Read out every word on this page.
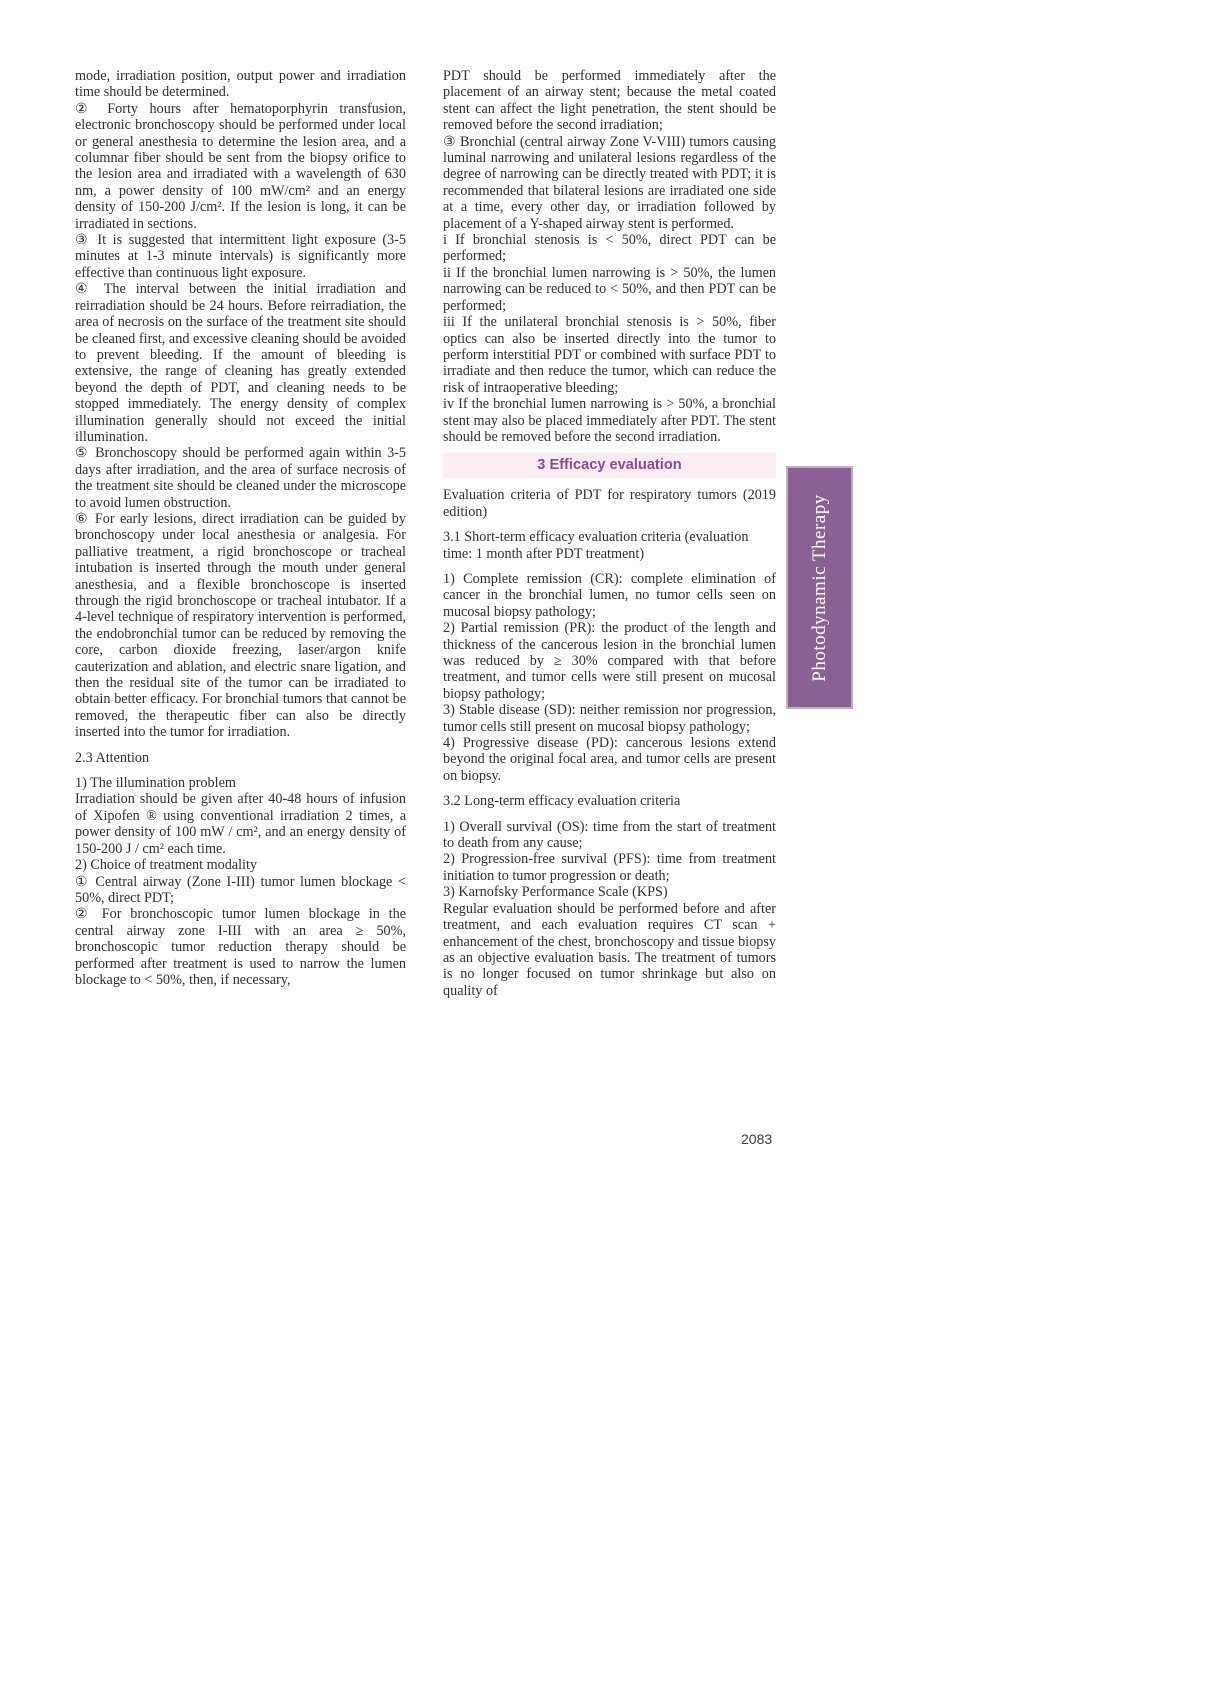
mode, irradiation position, output power and irradiation time should be determined.

② Forty hours after hematoporphyrin transfusion, electronic bronchoscopy should be performed under local or general anesthesia to determine the lesion area, and a columnar fiber should be sent from the biopsy orifice to the lesion area and irradiated with a wavelength of 630 nm, a power density of 100 mW/cm² and an energy density of 150-200 J/cm². If the lesion is long, it can be irradiated in sections.

③ It is suggested that intermittent light exposure (3-5 minutes at 1-3 minute intervals) is significantly more effective than continuous light exposure.

④ The interval between the initial irradiation and reirradiation should be 24 hours. Before reirradiation, the area of necrosis on the surface of the treatment site should be cleaned first, and excessive cleaning should be avoided to prevent bleeding. If the amount of bleeding is extensive, the range of cleaning has greatly extended beyond the depth of PDT, and cleaning needs to be stopped immediately. The energy density of complex illumination generally should not exceed the initial illumination.

⑤ Bronchoscopy should be performed again within 3-5 days after irradiation, and the area of surface necrosis of the treatment site should be cleaned under the microscope to avoid lumen obstruction.

⑥ For early lesions, direct irradiation can be guided by bronchoscopy under local anesthesia or analgesia. For palliative treatment, a rigid bronchoscope or tracheal intubation is inserted through the mouth under general anesthesia, and a flexible bronchoscope is inserted through the rigid bronchoscope or tracheal intubator. If a 4-level technique of respiratory intervention is performed, the endobronchial tumor can be reduced by removing the core, carbon dioxide freezing, laser/argon knife cauterization and ablation, and electric snare ligation, and then the residual site of the tumor can be irradiated to obtain better efficacy. For bronchial tumors that cannot be removed, the therapeutic fiber can also be directly inserted into the tumor for irradiation.

2.3 Attention

1) The illumination problem

Irradiation should be given after 40-48 hours of infusion of Xipofen ® using conventional irradiation 2 times, a power density of 100 mW / cm², and an energy density of 150-200 J / cm² each time.

2) Choice of treatment modality

① Central airway (Zone I-III) tumor lumen blockage < 50%, direct PDT;

② For bronchoscopic tumor lumen blockage in the central airway zone I-III with an area ≥ 50%, bronchoscopic tumor reduction therapy should be performed after treatment is used to narrow the lumen blockage to < 50%, then, if necessary,

PDT should be performed immediately after the placement of an airway stent; because the metal coated stent can affect the light penetration, the stent should be removed before the second irradiation;

③ Bronchial (central airway Zone V-VIII) tumors causing luminal narrowing and unilateral lesions regardless of the degree of narrowing can be directly treated with PDT; it is recommended that bilateral lesions are irradiated one side at a time, every other day, or irradiation followed by placement of a Y-shaped airway stent is performed.

i If bronchial stenosis is < 50%, direct PDT can be performed;

ii If the bronchial lumen narrowing is > 50%, the lumen narrowing can be reduced to < 50%, and then PDT can be performed;

iii If the unilateral bronchial stenosis is > 50%, fiber optics can also be inserted directly into the tumor to perform interstitial PDT or combined with surface PDT to irradiate and then reduce the tumor, which can reduce the risk of intraoperative bleeding;

iv If the bronchial lumen narrowing is > 50%, a bronchial stent may also be placed immediately after PDT. The stent should be removed before the second irradiation.

3 Efficacy evaluation

Evaluation criteria of PDT for respiratory tumors (2019 edition)

3.1 Short-term efficacy evaluation criteria (evaluation time: 1 month after PDT treatment)

1) Complete remission (CR): complete elimination of cancer in the bronchial lumen, no tumor cells seen on mucosal biopsy pathology;

2) Partial remission (PR): the product of the length and thickness of the cancerous lesion in the bronchial lumen was reduced by ≥ 30% compared with that before treatment, and tumor cells were still present on mucosal biopsy pathology;

3) Stable disease (SD): neither remission nor progression, tumor cells still present on mucosal biopsy pathology;

4) Progressive disease (PD): cancerous lesions extend beyond the original focal area, and tumor cells are present on biopsy.

3.2 Long-term efficacy evaluation criteria

1) Overall survival (OS): time from the start of treatment to death from any cause;

2) Progression-free survival (PFS): time from treatment initiation to tumor progression or death;

3) Karnofsky Performance Scale (KPS)

Regular evaluation should be performed before and after treatment, and each evaluation requires CT scan + enhancement of the chest, bronchoscopy and tissue biopsy as an objective evaluation basis. The treatment of tumors is no longer focused on tumor shrinkage but also on quality of

Photodynamic Therapy
2083
